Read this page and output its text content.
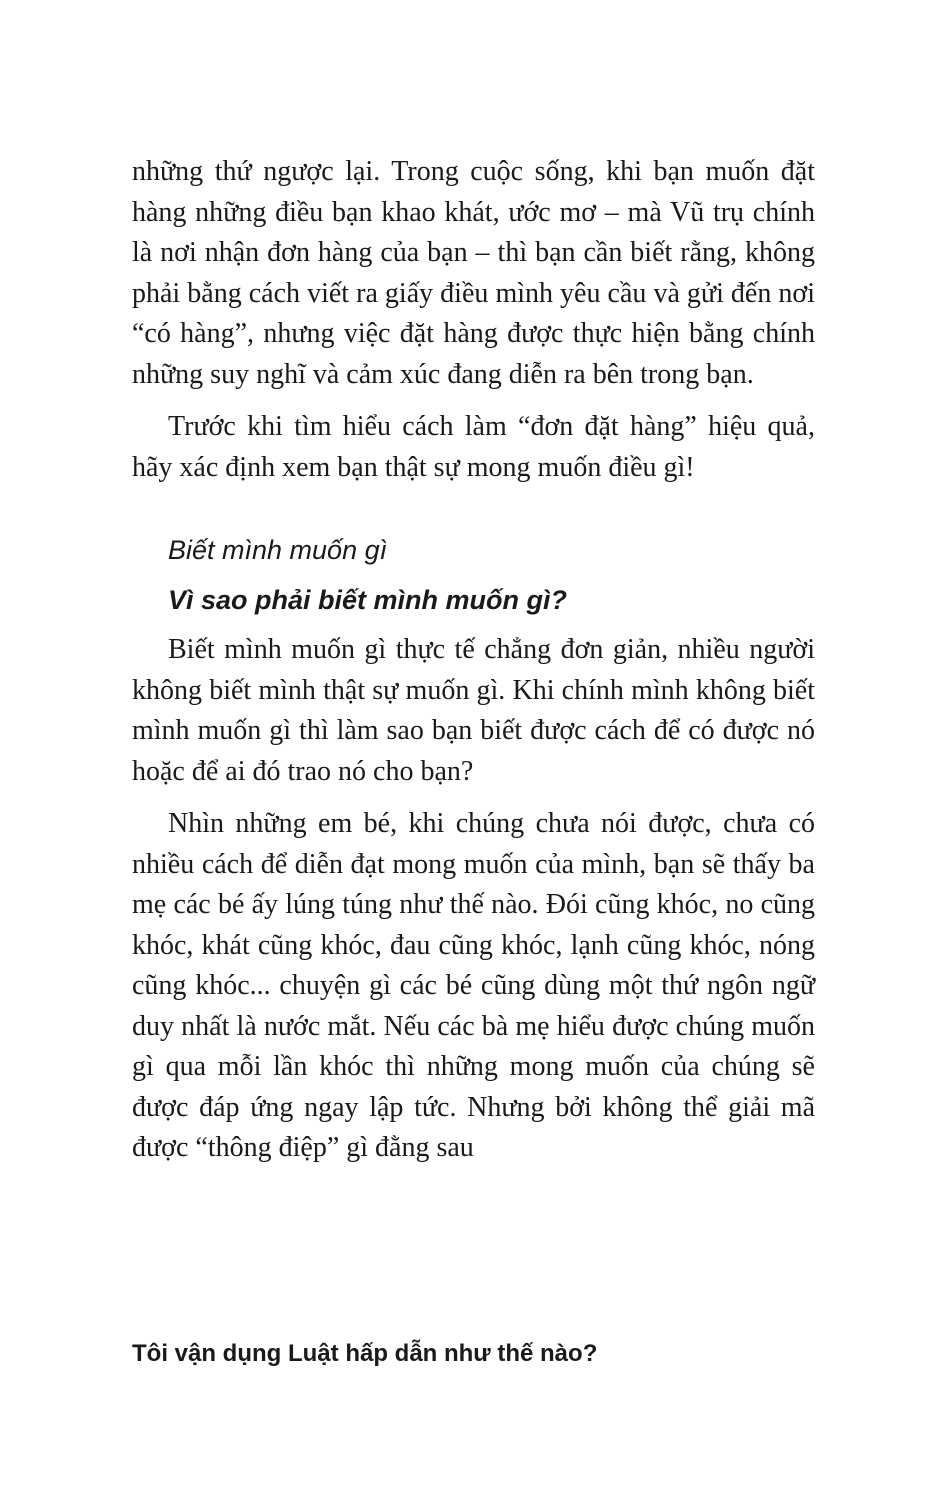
những thứ ngược lại. Trong cuộc sống, khi bạn muốn đặt hàng những điều bạn khao khát, ước mơ – mà Vũ trụ chính là nơi nhận đơn hàng của bạn – thì bạn cần biết rằng, không phải bằng cách viết ra giấy điều mình yêu cầu và gửi đến nơi “có hàng”, nhưng việc đặt hàng được thực hiện bằng chính những suy nghĩ và cảm xúc đang diễn ra bên trong bạn.

Trước khi tìm hiểu cách làm “đơn đặt hàng” hiệu quả, hãy xác định xem bạn thật sự mong muốn điều gì!

Biết mình muốn gì

Vì sao phải biết mình muốn gì?

Biết mình muốn gì thực tế chẳng đơn giản, nhiều người không biết mình thật sự muốn gì. Khi chính mình không biết mình muốn gì thì làm sao bạn biết được cách để có được nó hoặc để ai đó trao nó cho bạn?

Nhìn những em bé, khi chúng chưa nói được, chưa có nhiều cách để diễn đạt mong muốn của mình, bạn sẽ thấy ba mẹ các bé ấy lúng túng như thế nào. Đói cũng khóc, no cũng khóc, khát cũng khóc, đau cũng khóc, lạnh cũng khóc, nóng cũng khóc... chuyện gì các bé cũng dùng một thứ ngôn ngữ duy nhất là nước mắt. Nếu các bà mẹ hiểu được chúng muốn gì qua mỗi lần khóc thì những mong muốn của chúng sẽ được đáp ứng ngay lập tức. Nhưng bởi không thể giải mã được “thông điệp” gì đằng sau

Tôi vận dụng Luật hấp dẫn như thế nào?
